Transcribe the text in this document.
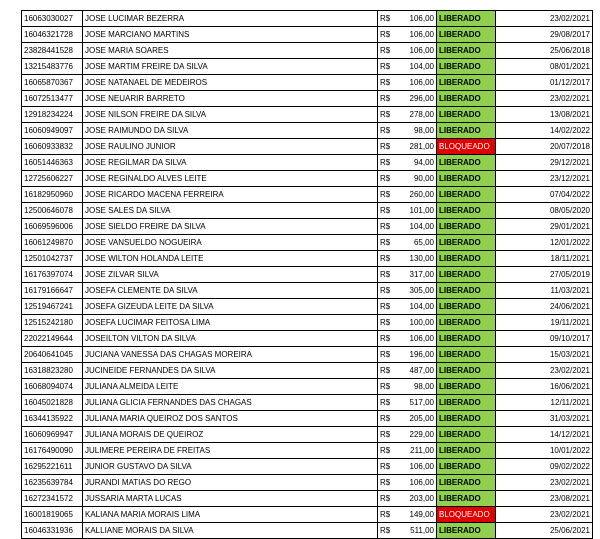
16063030027	JOSE LUCIMAR BEZERRA	R$	106,00	LIBERADO	23/02/2021
16046321728	JOSE MARCIANO MARTINS	R$	106,00	LIBERADO	29/08/2017
23828441528	JOSE MARIA SOARES	R$	106,00	LIBERADO	25/06/2018
13215483776	JOSE MARTIM FREIRE DA SILVA	R$	104,00	LIBERADO	08/01/2021
16065870367	JOSE NATANAEL DE MEDEIROS	R$	106,00	LIBERADO	01/12/2017
16072513477	JOSE NEUARIR BARRETO	R$	296,00	LIBERADO	23/02/2021
12918234224	JOSE NILSON FREIRE DA SILVA	R$	278,00	LIBERADO	13/08/2021
16060949097	JOSE RAIMUNDO DA SILVA	R$	98,00	LIBERADO	14/02/2022
16060933832	JOSE RAULINO JUNIOR	R$	281,00	BLOQUEADO	20/07/2018
16051446363	JOSE REGILMAR DA SILVA	R$	94,00	LIBERADO	29/12/2021
12725606227	JOSE REGINALDO ALVES LEITE	R$	90,00	LIBERADO	23/12/2021
16182950960	JOSE RICARDO MACENA FERREIRA	R$	260,00	LIBERADO	07/04/2022
12500646078	JOSE SALES DA SILVA	R$	101,00	LIBERADO	08/05/2020
16069596006	JOSE SIELDO FREIRE DA SILVA	R$	104,00	LIBERADO	29/01/2021
16061249870	JOSE VANSUELDO NOGUEIRA	R$	65,00	LIBERADO	12/01/2022
12501042737	JOSE WILTON HOLANDA LEITE	R$	130,00	LIBERADO	18/11/2021
16176397074	JOSE ZILVAR SILVA	R$	317,00	LIBERADO	27/05/2019
16179166647	JOSEFA CLEMENTE DA SILVA	R$	305,00	LIBERADO	11/03/2021
12519467241	JOSEFA GIZEUDA LEITE DA SILVA	R$	104,00	LIBERADO	24/06/2021
12515242180	JOSEFA LUCIMAR FEITOSA LIMA	R$	100,00	LIBERADO	19/11/2021
22022149644	JOSEILTON VILTON DA SILVA	R$	106,00	LIBERADO	09/10/2017
20640641045	JUCIANA VANESSA DAS CHAGAS MOREIRA	R$	196,00	LIBERADO	15/03/2021
16318823280	JUCINEIDE FERNANDES DA SILVA	R$	487,00	LIBERADO	23/02/2021
16068094074	JULIANA ALMEIDA LEITE	R$	98,00	LIBERADO	16/06/2021
16045021828	JULIANA GLICIA FERNANDES DAS CHAGAS	R$	517,00	LIBERADO	12/11/2021
16344135922	JULIANA MARIA QUEIROZ DOS SANTOS	R$	205,00	LIBERADO	31/03/2021
16060969947	JULIANA MORAIS DE QUEIROZ	R$	229,00	LIBERADO	14/12/2021
16176490090	JULIMERE PEREIRA DE FREITAS	R$	211,00	LIBERADO	10/01/2022
16295221611	JUNIOR GUSTAVO DA SILVA	R$	106,00	LIBERADO	09/02/2022
16235639784	JURANDI MATIAS DO REGO	R$	106,00	LIBERADO	23/02/2021
16272341572	JUSSARIA MARTA LUCAS	R$	203,00	LIBERADO	23/08/2021
16001819065	KALIANA MARIA MORAIS LIMA	R$	149,00	BLOQUEADO	23/02/2021
16046331936	KALLIANE MORAIS DA SILVA	R$	511,00	LIBERADO	25/06/2021
